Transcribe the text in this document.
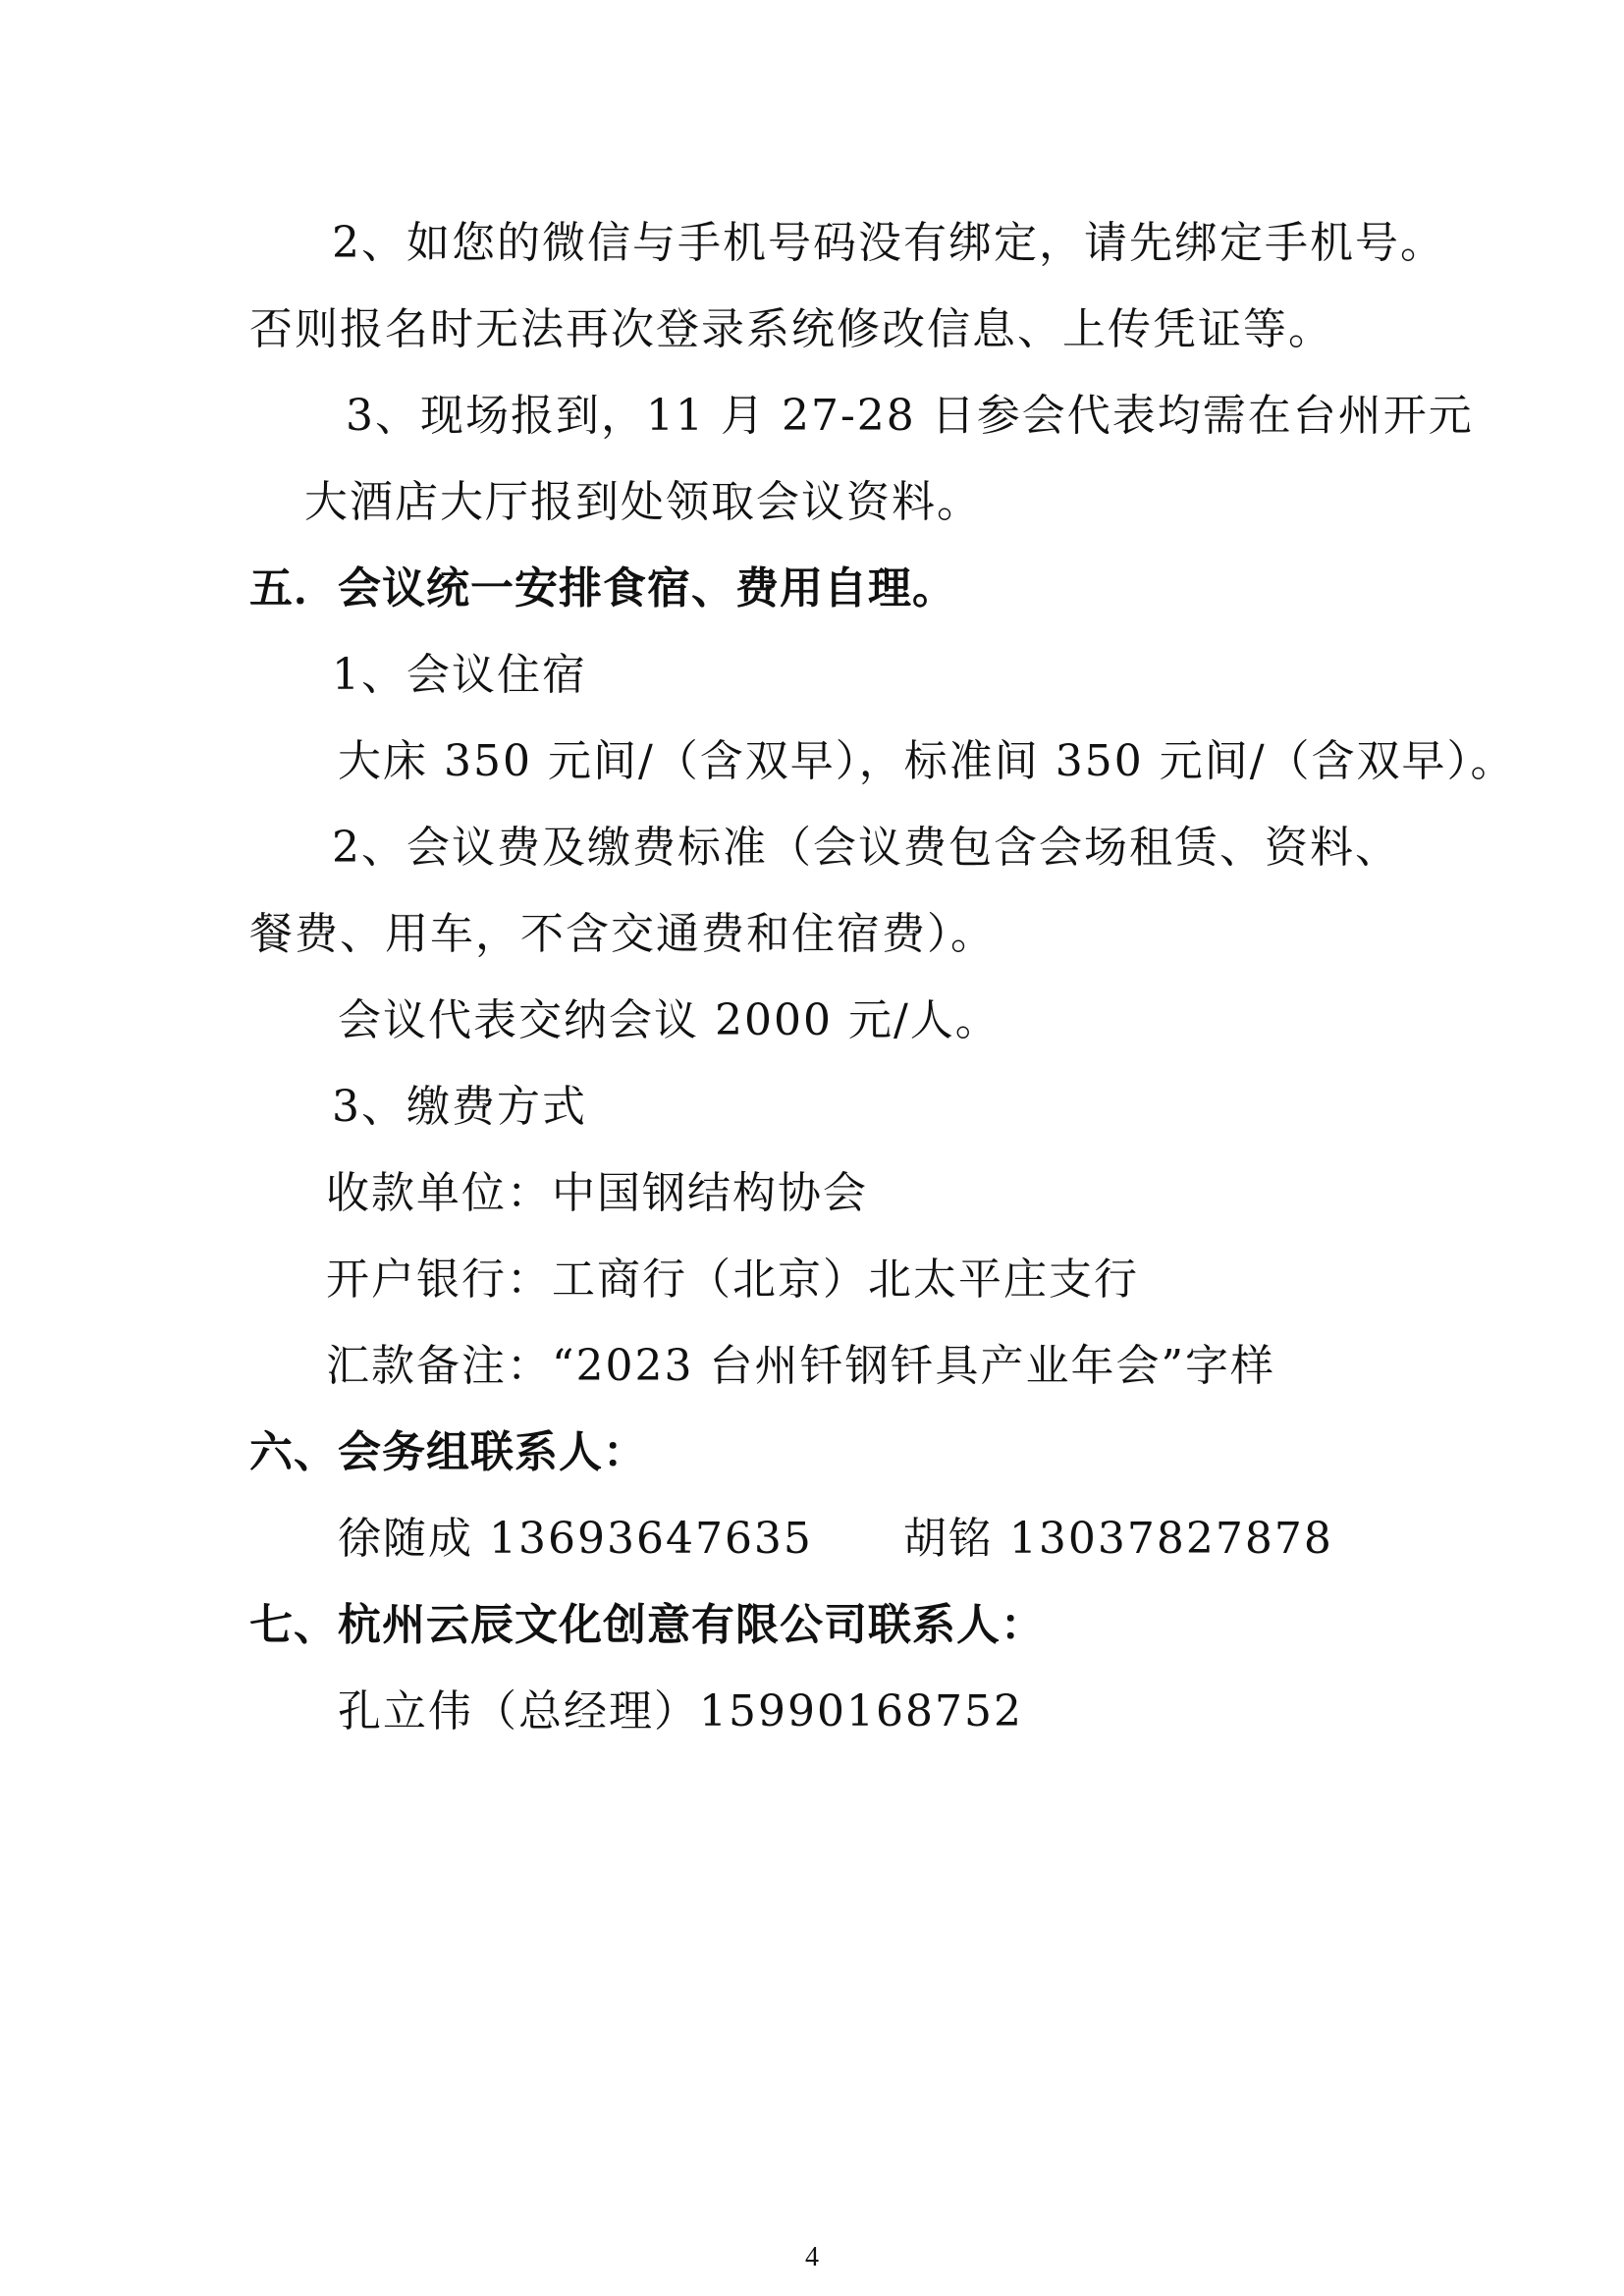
2、如您的微信与手机号码没有绑定，请先绑定手机号。
否则报名时无法再次登录系统修改信息、上传凭证等。
3、现场报到，11 月 27-28 日参会代表均需在台州开元
大酒店大厅报到处领取会议资料。
五．会议统一安排食宿、费用自理。
1、会议住宿
大床 350 元间/（含双早），标准间 350 元间/（含双早）。
2、会议费及缴费标准（会议费包含会场租赁、资料、
餐费、用车，不含交通费和住宿费）。
会议代表交纳会议 2000 元/人。
3、缴费方式
收款单位：中国钢结构协会
开户银行：工商行（北京）北太平庄支行
汇款备注：“2023 台州钎钢钎具产业年会”字样
六、会务组联系人：
徐随成 13693647635　　胡铭 13037827878
七、杭州云辰文化创意有限公司联系人：
孔立伟（总经理）15990168752
4
